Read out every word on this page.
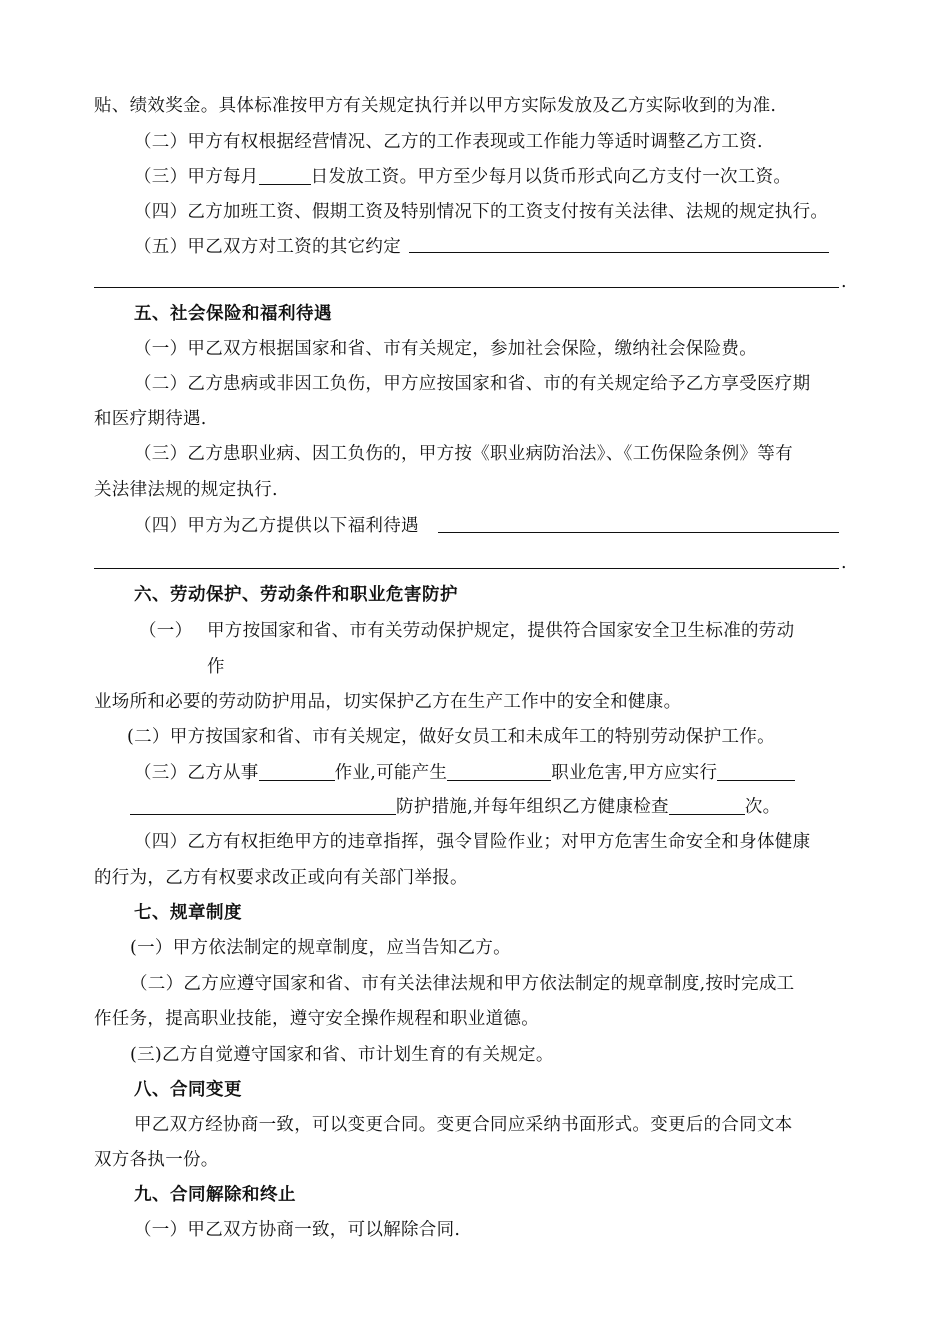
贴、绩效奖金。具体标准按甲方有关规定执行并以甲方实际发放及乙方实际收到的为准.
（二）甲方有权根据经营情况、乙方的工作表现或工作能力等适时调整乙方工资.
（三）甲方每月	日发放工资。甲方至少每月以货币形式向乙方支付一次工资。
（四）乙方加班工资、假期工资及特别情况下的工资支付按有关法律、法规的规定执行。
（五）甲乙双方对工资的其它约定
.
五、社会保险和福利待遇
（一）甲乙双方根据国家和省、市有关规定，参加社会保险，缴纳社会保险费。
（二）乙方患病或非因工负伤，甲方应按国家和省、市的有关规定给予乙方享受医疗期
和医疗期待遇.
（三）乙方患职业病、因工负伤的，甲方按《职业病防治法》、《工伤保险条例》等有
关法律法规的规定执行.
（四）甲方为乙方提供以下福利待遇
.
六、劳动保护、劳动条件和职业危害防护
（一） 甲方按国家和省、市有关劳动保护规定，提供符合国家安全卫生标准的劳动
作
业场所和必要的劳动防护用品，切实保护乙方在生产工作中的安全和健康。
(二）甲方按国家和省、市有关规定，做好女员工和未成年工的特别劳动保护工作。
（三）乙方从事	作业,可能产生	职业危害,甲方应实行
防护措施,并每年组织乙方健康检查	次。
（四）乙方有权拒绝甲方的违章指挥，强令冒险作业；对甲方危害生命安全和身体健康
的行为，乙方有权要求改正或向有关部门举报。
七、规章制度
(一）甲方依法制定的规章制度，应当告知乙方。
（二）乙方应遵守国家和省、市有关法律法规和甲方依法制定的规章制度,按时完成工
作任务，提高职业技能，遵守安全操作规程和职业道德。
(三)乙方自觉遵守国家和省、市计划生育的有关规定。
八、合同变更
甲乙双方经协商一致，可以变更合同。变更合同应采纳书面形式。变更后的合同文本
双方各执一份。
九、合同解除和终止
（一）甲乙双方协商一致，可以解除合同.
